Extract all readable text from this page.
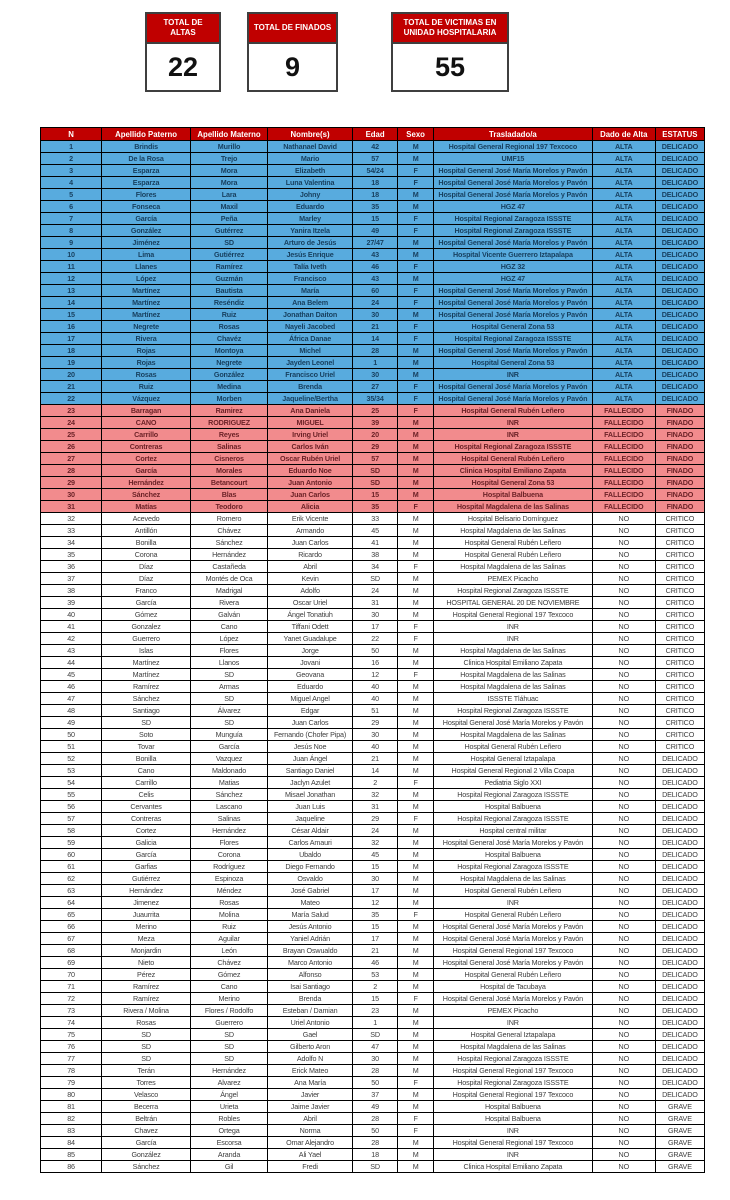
TOTAL DE ALTAS
22
TOTAL DE FINADOS
9
TOTAL DE VICTIMAS EN UNIDAD HOSPITALARIA
55
N	Apellido Paterno	Apellido Materno	Nombre(s)	Edad	Sexo	Trasladado/a	Dado de Alta	ESTATUS
1	Brindis	Murillo	Nathanael David	42	M	Hospital General Regional 197 Texcoco	ALTA	DELICADO
2	De la Rosa	Trejo	Mario	57	M	UMF15	ALTA	DELICADO
3	Esparza	Mora	Elizabeth	54/24	F	Hospital General José María Morelos y Pavón	ALTA	DELICADO
4	Esparza	Mora	Luna Valentina	18	F	Hospital General José María Morelos y Pavón	ALTA	DELICADO
5	Flores	Lara	Johny	18	M	Hospital General José María Morelos y Pavón	ALTA	DELICADO
6	Fonseca	Maxil	Eduardo	35	M	HGZ 47	ALTA	DELICADO
7	García	Peña	Marley	15	F	Hospital Regional Zaragoza ISSSTE	ALTA	DELICADO
8	González	Gutérrez	Yanira Itzela	49	F	Hospital Regional Zaragoza ISSSTE	ALTA	DELICADO
9	Jiménez	SD	Arturo de Jesús	27/47	M	Hospital General José María Morelos y Pavón	ALTA	DELICADO
10	Lima	Gutiérrez	Jesús Enrique	43	M	Hospital Vicente Guerrero Iztapalapa	ALTA	DELICADO
11	Llanes	Ramírez	Talía Iveth	46	F	HGZ 32	ALTA	DELICADO
12	López	Guzmán	Francisco	43	M	HGZ 47	ALTA	DELICADO
13	Martínez	Bautista	María	60	F	Hospital General José María Morelos y Pavón	ALTA	DELICADO
14	Martínez	Reséndiz	Ana Belem	24	F	Hospital General José María Morelos y Pavón	ALTA	DELICADO
15	Martínez	Ruiz	Jonathan Daiton	30	M	Hospital General José María Morelos y Pavón	ALTA	DELICADO
16	Negrete	Rosas	Nayeli Jacobed	21	F	Hospital General Zona 53	ALTA	DELICADO
17	Rivera	Chavéz	África Danae	14	F	Hospital Regional Zaragoza ISSSTE	ALTA	DELICADO
18	Rojas	Montoya	Michel	28	M	Hospital General José María Morelos y Pavón	ALTA	DELICADO
19	Rojas	Negrete	Jayden Leonel	1	M	Hospital General Zona 53	ALTA	DELICADO
20	Rosas	González	Francisco Uriel	30	M	INR	ALTA	DELICADO
21	Ruiz	Medina	Brenda	27	F	Hospital General José María Morelos y Pavón	ALTA	DELICADO
22	Vázquez	Morben	Jaqueline/Bertha	35/34	F	Hospital General José María Morelos y Pavón	ALTA	DELICADO
23	Barragan	Ramirez	Ana Daniela	25	F	Hospital General Rubén Leñero	FALLECIDO	FINADO
24	CANO	RODRIGUEZ	MIGUEL	39	M	INR	FALLECIDO	FINADO
25	Carrillo	Reyes	Irving Uriel	20	M	INR	FALLECIDO	FINADO
26	Contreras	Salinas	Carlos Iván	29	M	Hospital Regional Zaragoza ISSSTE	FALLECIDO	FINADO
27	Cortez	Cisneros	Oscar Rubén Uriel	57	M	Hospital General Rubén Leñero	FALLECIDO	FINADO
28	García	Morales	Eduardo Noe	SD	M	Clinica Hospital Emiliano Zapata	FALLECIDO	FINADO
29	Hernández	Betancourt	Juan Antonio	SD	M	Hospital General Zona 53	FALLECIDO	FINADO
30	Sánchez	Blas	Juan Carlos	15	M	Hospital Balbuena	FALLECIDO	FINADO
31	Matías	Teodoro	Alicia	35	F	Hospital Magdalena de las Salinas	FALLECIDO	FINADO
32	Acevedo	Romero	Erik Vicente	33	M	Hospital Belisario Domínguez	NO	CRITICO
33	Antillón	Chávez	Armando	45	M	Hospital Magdalena de las Salinas	NO	CRITICO
34	Bonilla	Sánchez	Juan Carlos	41	M	Hospital General Rubén Leñero	NO	CRITICO
35	Corona	Hernández	Ricardo	38	M	Hospital General Rubén Leñero	NO	CRITICO
36	Díaz	Castañeda	Abril	34	F	Hospital Magdalena de las Salinas	NO	CRITICO
37	Díaz	Montés de Oca	Kevin	SD	M	PEMEX Picacho	NO	CRITICO
38	Franco	Madrigal	Adolfo	24	M	Hospital Regional Zaragoza ISSSTE	NO	CRITICO
39	García	Rivera	Oscar Uriel	31	M	HOSPITAL GENERAL 20 DE NOVIEMBRE	NO	CRITICO
40	Gómez	Galván	Ángel Tonatiuh	30	M	Hospital General Regional 197 Texcoco	NO	CRITICO
41	Gonzalez	Cano	Tiffani Odett	17	F	INR	NO	CRITICO
42	Guerrero	López	Yanet Guadalupe	22	F	INR	NO	CRITICO
43	Islas	Flores	Jorge	50	M	Hospital Magdalena de las Salinas	NO	CRITICO
44	Martínez	Llanos	Jovani	16	M	Clinica Hospital Emiliano Zapata	NO	CRITICO
45	Martínez	SD	Geovana	12	F	Hospital Magdalena de las Salinas	NO	CRITICO
46	Ramírez	Armas	Eduardo	40	M	Hospital Magdalena de las Salinas	NO	CRITICO
47	Sánchez	SD	Miguel Angel	40	M	ISSSTE Tláhuac	NO	CRITICO
48	Santiago	Álvarez	Edgar	51	M	Hospital Regional Zaragoza ISSSTE	NO	CRITICO
49	SD	SD	Juan Carlos	29	M	Hospital General José María Morelos y Pavón	NO	CRITICO
50	Soto	Munguía	Fernando (Chofer Pipa)	30	M	Hospital Magdalena de las Salinas	NO	CRITICO
51	Tovar	García	Jesús Noe	40	M	Hospital General Rubén Leñero	NO	CRITICO
52	Bonilla	Vazquez	Juan Ángel	21	M	Hospital General Iztapalapa	NO	DELICADO
53	Cano	Maldonado	Santiago Daniel	14	M	Hospital General Regional 2 Villa Coapa	NO	DELICADO
54	Carrillo	Matias	Jaclyn Azulet	2	F	Pediatria Siglo XXI	NO	DELICADO
55	Celis	Sánchez	Misael Jonathan	32	M	Hospital Regional Zaragoza ISSSTE	NO	DELICADO
56	Cervantes	Lascano	Juan Luis	31	M	Hospital Balbuena	NO	DELICADO
57	Contreras	Salinas	Jaqueline	29	F	Hospital Regional Zaragoza ISSSTE	NO	DELICADO
58	Cortez	Hernández	César Aldair	24	M	Hospital central militar	NO	DELICADO
59	Galicia	Flores	Carlos Amauri	32	M	Hospital General José María Morelos y Pavón	NO	DELICADO
60	García	Corona	Ubaldo	45	M	Hospital Balbuena	NO	DELICADO
61	Garfias	Rodríguez	Diego Fernando	15	M	Hospital Regional Zaragoza ISSSTE	NO	DELICADO
62	Gutiérrez	Espinoza	Osvaldo	30	M	Hospital Magdalena de las Salinas	NO	DELICADO
63	Hernández	Méndez	José Gabriel	17	M	Hospital General Rubén Leñero	NO	DELICADO
64	Jimenez	Rosas	Mateo	12	M	INR	NO	DELICADO
65	Juaurrita	Molina	María Salud	35	F	Hospital General Rubén Leñero	NO	DELICADO
66	Merino	Ruiz	Jesús Antonio	15	M	Hospital General José María Morelos y Pavón	NO	DELICADO
67	Meza	Aguilar	Yaniel Adrián	17	M	Hospital General José María Morelos y Pavón	NO	DELICADO
68	Monjardin	León	Brayan Oswualdo	21	M	Hospital General Regional 197 Texcoco	NO	DELICADO
69	Nieto	Chávez	Marco Antonio	46	M	Hospital General José María Morelos y Pavón	NO	DELICADO
70	Pérez	Gómez	Alfonso	53	M	Hospital General Rubén Leñero	NO	DELICADO
71	Ramírez	Cano	Isai Santiago	2	M	Hospital de Tacubaya	NO	DELICADO
72	Ramírez	Merino	Brenda	15	F	Hospital General José María Morelos y Pavón	NO	DELICADO
73	Rivera / Molina	Flores / Rodolfo	Esteban / Damian	23	M	PEMEX Picacho	NO	DELICADO
74	Rosas	Guerrero	Uriel Antonio	1	M	INR	NO	DELICADO
75	SD	SD	Gael	SD	M	Hospital General Iztapalapa	NO	DELICADO
76	SD	SD	Gilberto Aron	47	M	Hospital Magdalena de las Salinas	NO	DELICADO
77	SD	SD	Adolfo N	30	M	Hospital Regional Zaragoza ISSSTE	NO	DELICADO
78	Terán	Hernández	Erick Mateo	28	M	Hospital General Regional 197 Texcoco	NO	DELICADO
79	Torres	Alvarez	Ana María	50	F	Hospital Regional Zaragoza ISSSTE	NO	DELICADO
80	Velasco	Ángel	Javier	37	M	Hospital General Regional 197 Texcoco	NO	DELICADO
81	Becerra	Urieta	Jaime Javier	49	M	Hospital Balbuena	NO	GRAVE
82	Beltrán	Robles	Abril	28	F	Hospital Balbuena	NO	GRAVE
83	Chavez	Ortega	Norma	50	F	INR	NO	GRAVE
84	García	Escorsa	Omar Alejandro	28	M	Hospital General Regional 197 Texcoco	NO	GRAVE
85	González	Aranda	Ali Yael	18	M	INR	NO	GRAVE
86	Sánchez	Gil	Fredi	SD	M	Clinica Hospital Emiliano Zapata	NO	GRAVE
